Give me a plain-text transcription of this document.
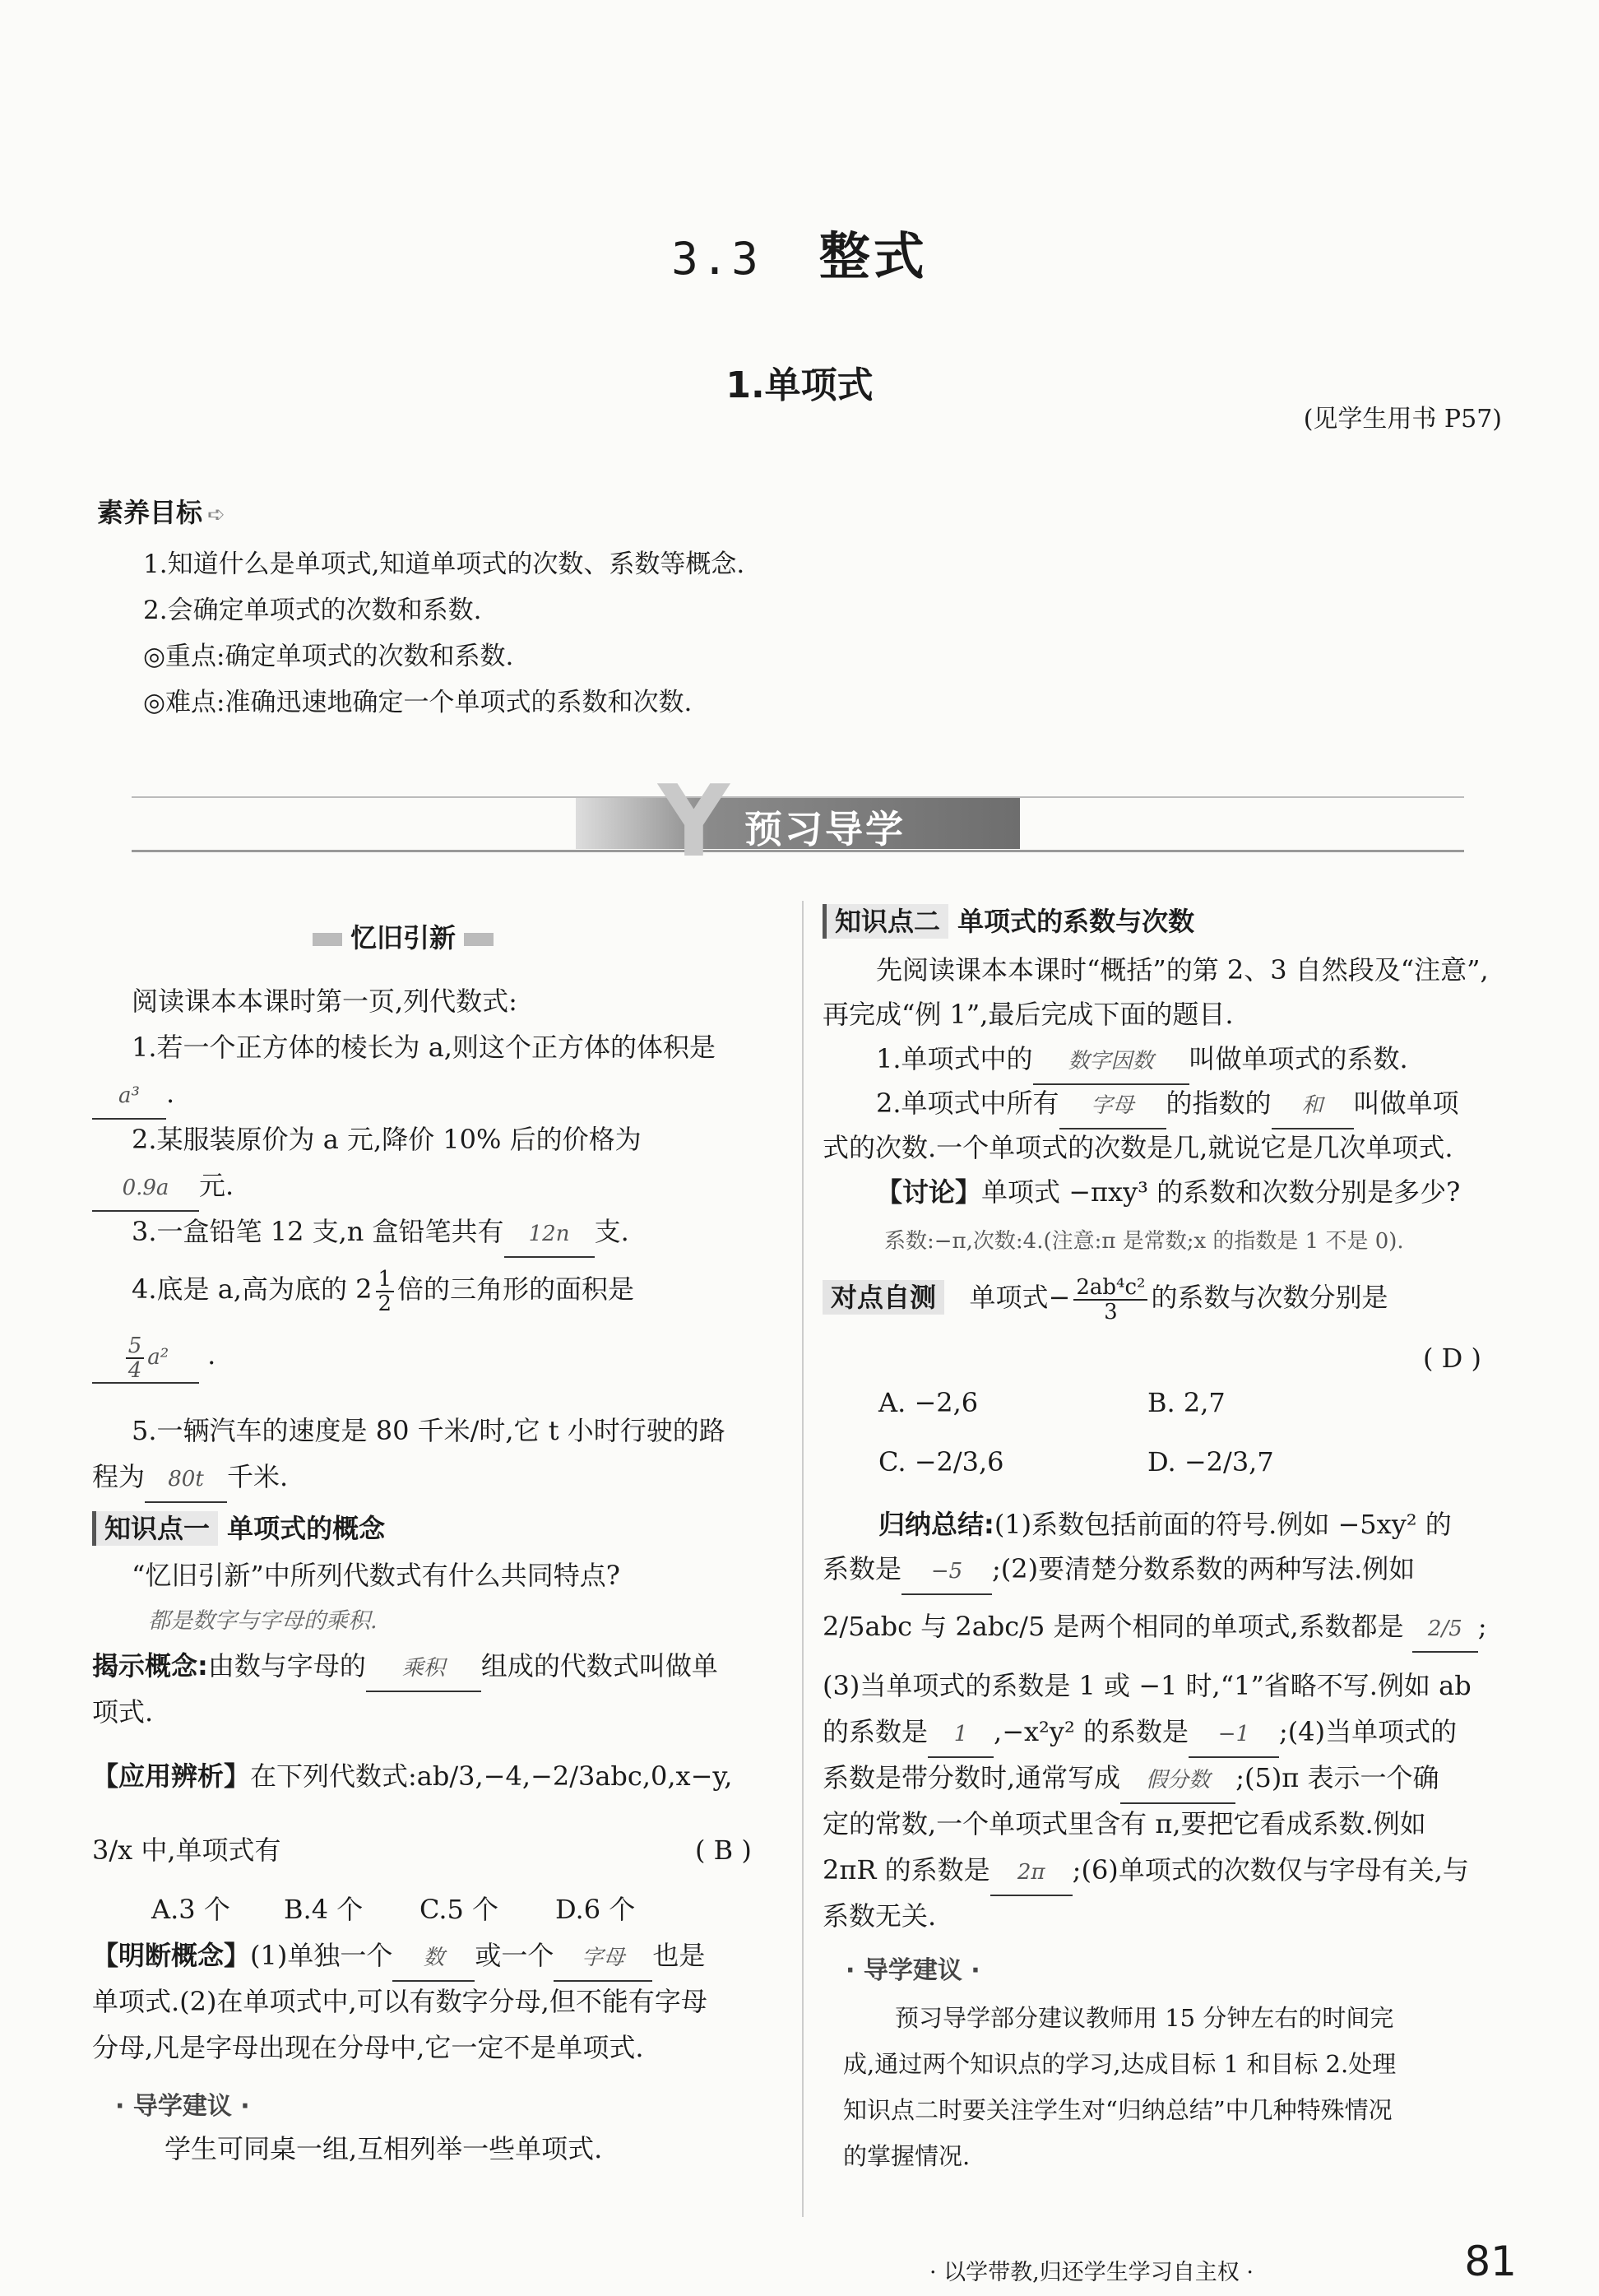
3.3 整式
1.单项式
(见学生用书 P57)
素养目标 ➪
1.知道什么是单项式,知道单项式的次数、系数等概念.
2.会确定单项式的次数和系数.
◎重点:确定单项式的次数和系数.
◎难点:准确迅速地确定一个单项式的系数和次数.
Y 预习导学
忆旧引新
阅读课本本课时第一页,列代数式:
1.若一个正方体的棱长为 a,则这个正方体的体积是
a³ .
2.某服装原价为 a 元,降价 10% 后的价格为
0.9a 元.
3.一盒铅笔 12 支,n 盒铅笔共有 12n 支.
4.底是 a,高为底的 $2 \frac{1}{2}$ 倍的三角形的面积是
$\frac{5}{4} a^2$ .
5.一辆汽车的速度是 80 千米/时,它 t 小时行驶的路
程为 80t 千米.
知识点一 单项式的概念
“忆旧引新”中所列代数式有什么共同特点?
都是数字与字母的乘积.
揭示概念:由数与字母的 乘积 组成的代数式叫做单
项式.
【应用辨析】在下列代数式:ab/3,−4,−2/3abc,0,x−y,
3/x 中,单项式有	( B )
A.3 个 B.4 个 C.5 个 D.6 个
【明断概念】(1)单独一个 数 或一个 字母 也是
单项式.(2)在单项式中,可以有数字分母,但不能有字母
分母,凡是字母出现在分母中,它一定不是单项式.
· 导学建议 ·
学生可同桌一组,互相列举一些单项式.
知识点二 单项式的系数与次数
先阅读课本本课时“概括”的第 2、3 自然段及“注意”,
再完成“例 1”,最后完成下面的题目.
1.单项式中的 数字因数 叫做单项式的系数.
2.单项式中所有 字母 的指数的 和 叫做单项
式的次数.一个单项式的次数是几,就说它是几次单项式.
【讨论】单项式 −πxy³ 的系数和次数分别是多少?
系数:−π,次数:4.(注意:π 是常数;x 的指数是 1 不是 0).
对点自测 单项式− $\frac{\text{2ab⁴c²}}{3}$ 的系数与次数分别是
( D )
A. −2,6	B. 2,7
C. −2/3,6	D. −2/3,7
归纳总结:(1)系数包括前面的符号.例如 −5xy² 的
系数是 −5 ;(2)要清楚分数系数的两种写法.例如
2/5abc 与 2abc/5 是两个相同的单项式,系数都是 2/5 ;
(3)当单项式的系数是 1 或 −1 时,“1”省略不写.例如 ab
的系数是 1 ,−x²y² 的系数是 −1 ;(4)当单项式的
系数是带分数时,通常写成 假分数 ;(5)π 表示一个确
定的常数,一个单项式里含有 π,要把它看成系数.例如
2πR 的系数是 2π ;(6)单项式的次数仅与字母有关,与
系数无关.
· 导学建议 ·
预习导学部分建议教师用 15 分钟左右的时间完
成,通过两个知识点的学习,达成目标 1 和目标 2.处理
知识点二时要关注学生对“归纳总结”中几种特殊情况
的掌握情况.
· 以学带教,归还学生学习自主权 ·	81
